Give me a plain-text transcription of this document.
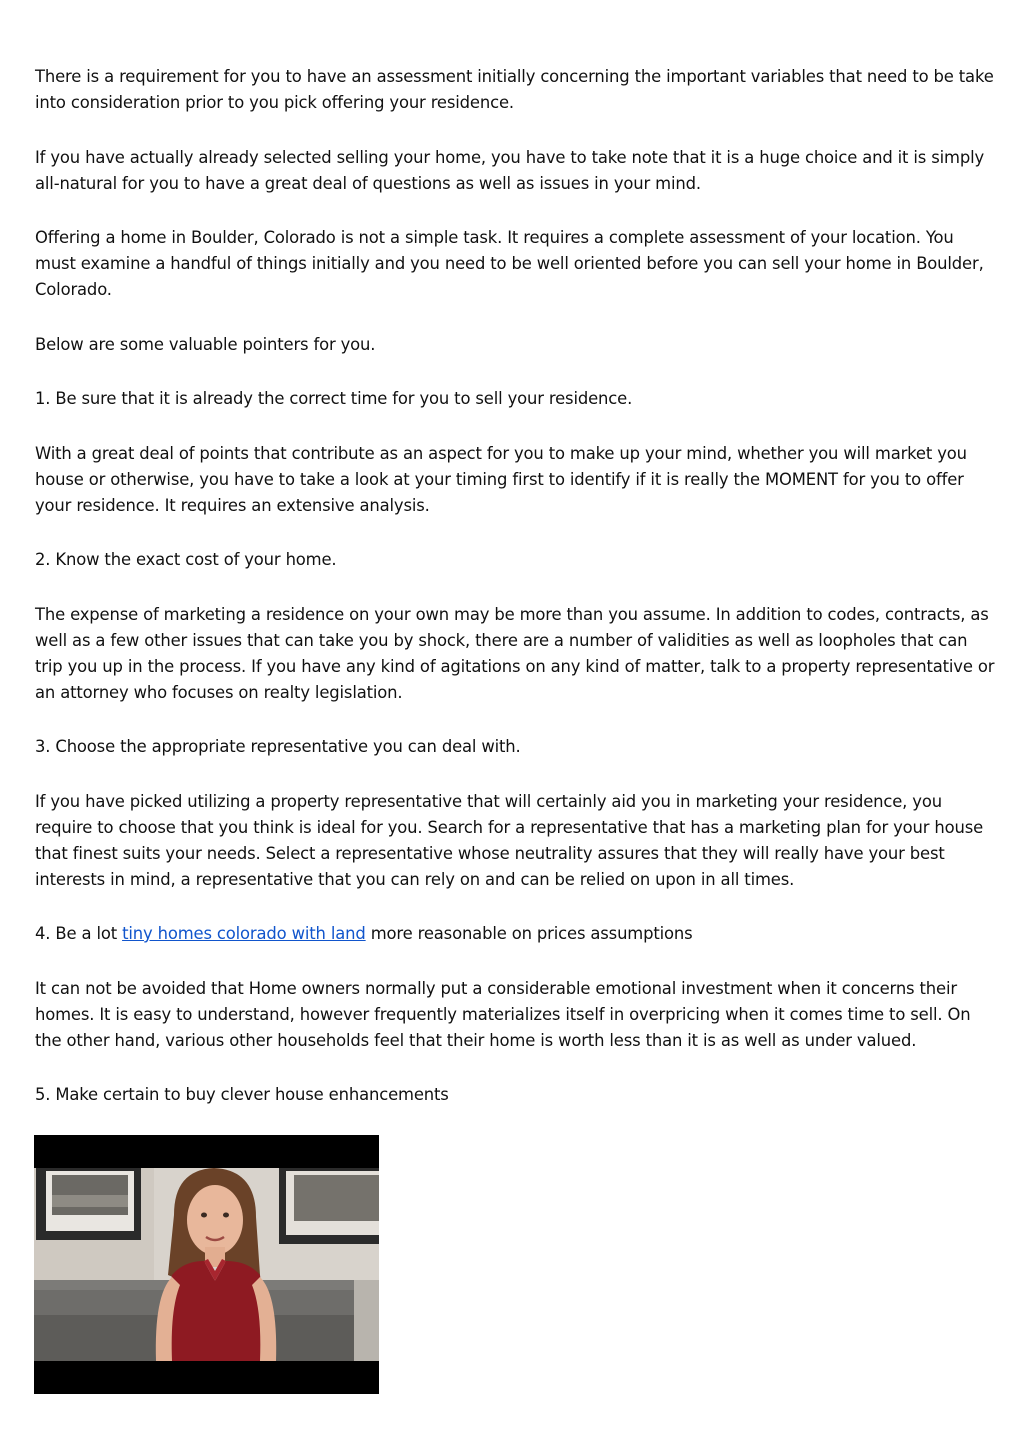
There is a requirement for you to have an assessment initially concerning the important variables that need to be take into consideration prior to you pick offering your residence.

If you have actually already selected selling your home, you have to take note that it is a huge choice and it is simply all-natural for you to have a great deal of questions as well as issues in your mind.

Offering a home in Boulder, Colorado is not a simple task. It requires a complete assessment of your location. You must examine a handful of things initially and you need to be well oriented before you can sell your home in Boulder, Colorado.

Below are some valuable pointers for you.

1. Be sure that it is already the correct time for you to sell your residence.

With a great deal of points that contribute as an aspect for you to make up your mind, whether you will market you house or otherwise, you have to take a look at your timing first to identify if it is really the MOMENT for you to offer your residence. It requires an extensive analysis.

2. Know the exact cost of your home.

The expense of marketing a residence on your own may be more than you assume. In addition to codes, contracts, as well as a few other issues that can take you by shock, there are a number of validities as well as loopholes that can trip you up in the process. If you have any kind of agitations on any kind of matter, talk to a property representative or an attorney who focuses on realty legislation.

3. Choose the appropriate representative you can deal with.

If you have picked utilizing a property representative that will certainly aid you in marketing your residence, you require to choose that you think is ideal for you. Search for a representative that has a marketing plan for your house that finest suits your needs. Select a representative whose neutrality assures that they will really have your best interests in mind, a representative that you can rely on and can be relied on upon in all times.

4. Be a lot tiny homes colorado with land more reasonable on prices assumptions

It can not be avoided that Home owners normally put a considerable emotional investment when it concerns their homes. It is easy to understand, however frequently materializes itself in overpricing when it comes time to sell. On the other hand, various other households feel that their home is worth less than it is as well as under valued.

5. Make certain to buy clever house enhancements
